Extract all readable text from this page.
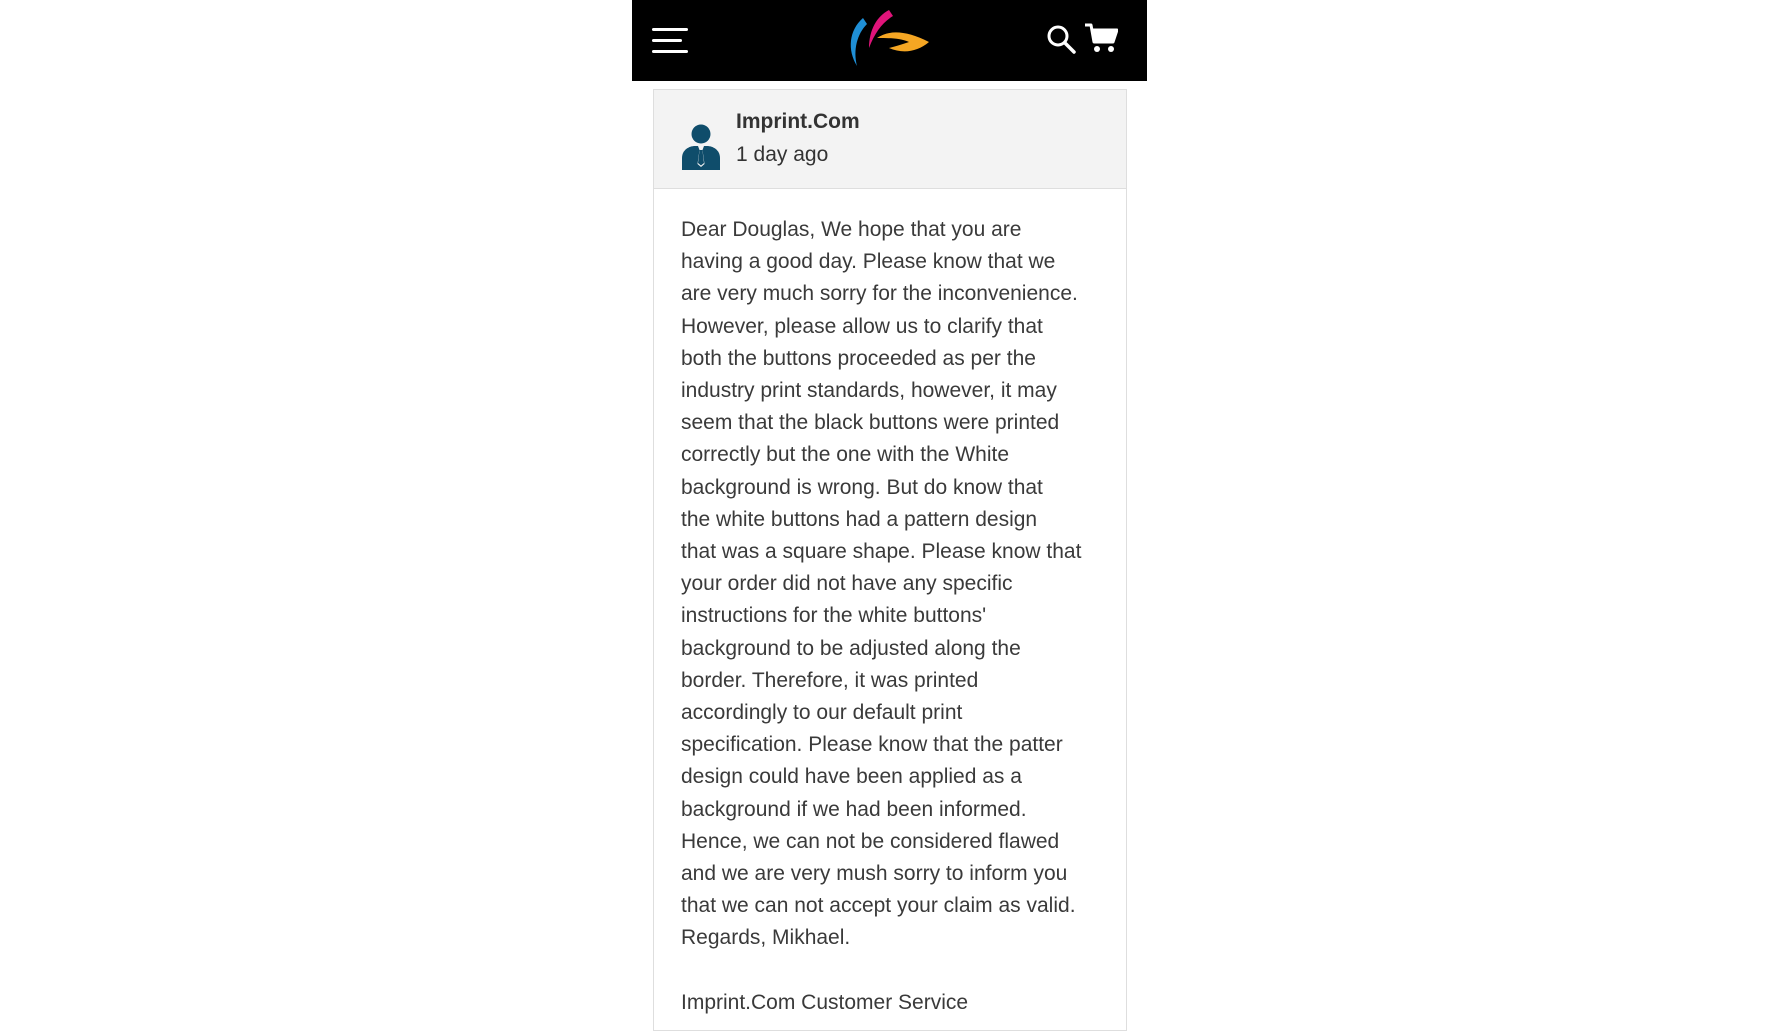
Imprint.Com
1 day ago

Dear Douglas, We hope that you are
having a good day. Please know that we
are very much sorry for the inconvenience.
However, please allow us to clarify that
both the buttons proceeded as per the
industry print standards, however, it may
seem that the black buttons were printed
correctly but the one with the White
background is wrong. But do know that
the white buttons had a pattern design
that was a square shape. Please know that
your order did not have any specific
instructions for the white buttons'
background to be adjusted along the
border. Therefore, it was printed
accordingly to our default print
specification. Please know that the patter
design could have been applied as a
background if we had been informed.
Hence, we can not be considered flawed
and we are very mush sorry to inform you
that we can not accept your claim as valid.
Regards, Mikhael.

Imprint.Com Customer Service
